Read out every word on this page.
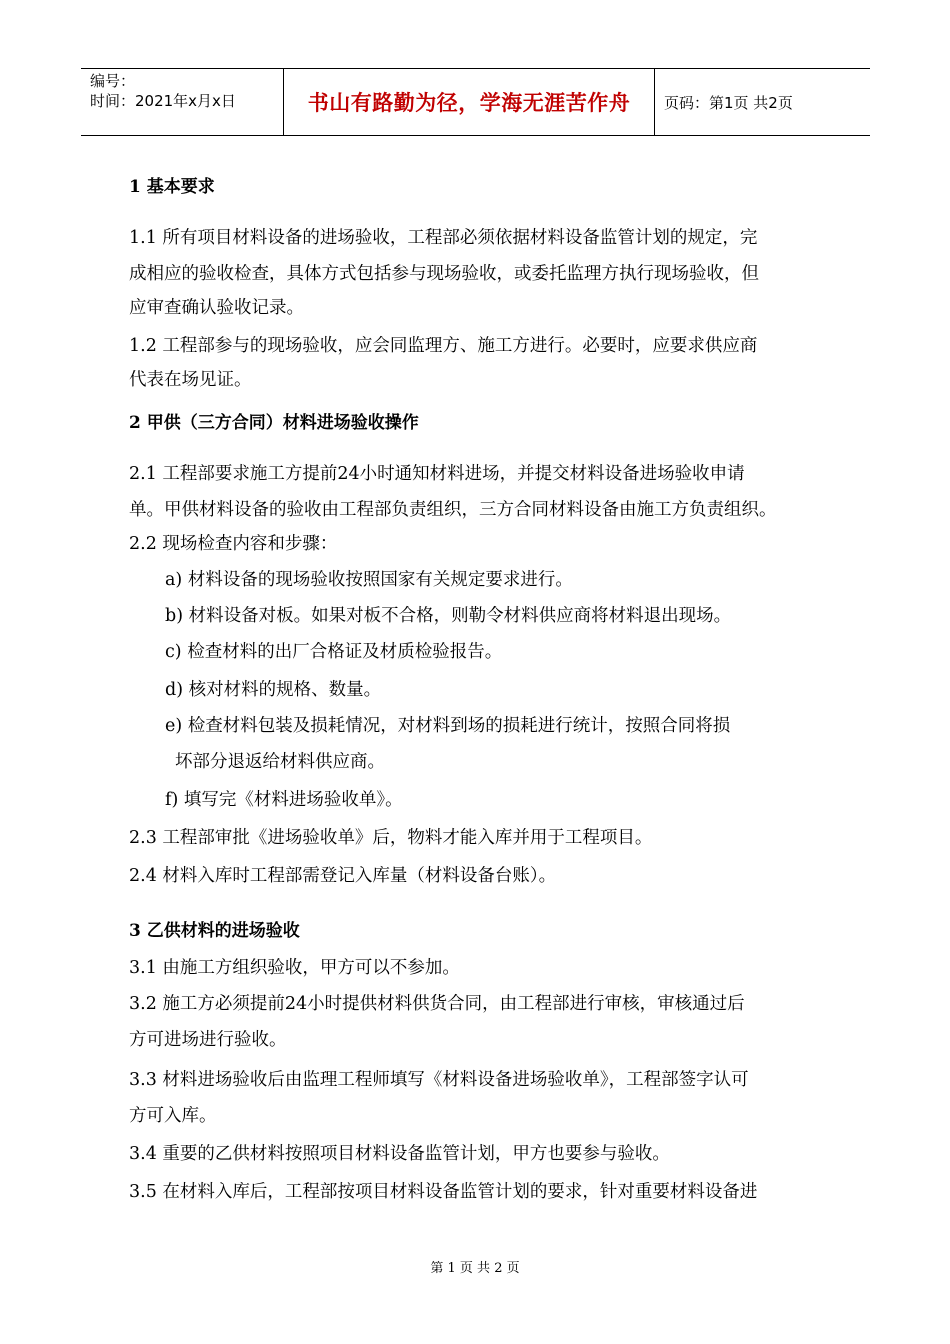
编号：
时间：2021年x月x日	书山有路勤为径，学海无涯苦作舟 页码：第1页 共2页
1 基本要求
1.1 所有项目材料设备的进场验收，工程部必须依据材料设备监管计划的规定，完
成相应的验收检查，具体方式包括参与现场验收，或委托监理方执行现场验收，但
应审查确认验收记录。
1.2 工程部参与的现场验收，应会同监理方、施工方进行。必要时，应要求供应商
代表在场见证。
2 甲供（三方合同）材料进场验收操作
2.1 工程部要求施工方提前24小时通知材料进场，并提交材料设备进场验收申请
单。甲供材料设备的验收由工程部负责组织，三方合同材料设备由施工方负责组织。
2.2 现场检查内容和步骤：
a) 材料设备的现场验收按照国家有关规定要求进行。
b) 材料设备对板。如果对板不合格，则勒令材料供应商将材料退出现场。
c) 检查材料的出厂合格证及材质检验报告。
d) 核对材料的规格、数量。
e) 检查材料包装及损耗情况，对材料到场的损耗进行统计，按照合同将损
坏部分退返给材料供应商。
f) 填写完《材料进场验收单》。
2.3 工程部审批《进场验收单》后，物料才能入库并用于工程项目。
2.4 材料入库时工程部需登记入库量（材料设备台账）。
3 乙供材料的进场验收
3.1 由施工方组织验收，甲方可以不参加。
3.2 施工方必须提前24小时提供材料供货合同，由工程部进行审核，审核通过后
方可进场进行验收。
3.3 材料进场验收后由监理工程师填写《材料设备进场验收单》，工程部签字认可
方可入库。
3.4 重要的乙供材料按照项目材料设备监管计划，甲方也要参与验收。
3.5 在材料入库后，工程部按项目材料设备监管计划的要求，针对重要材料设备进
第 1 页 共 2 页
